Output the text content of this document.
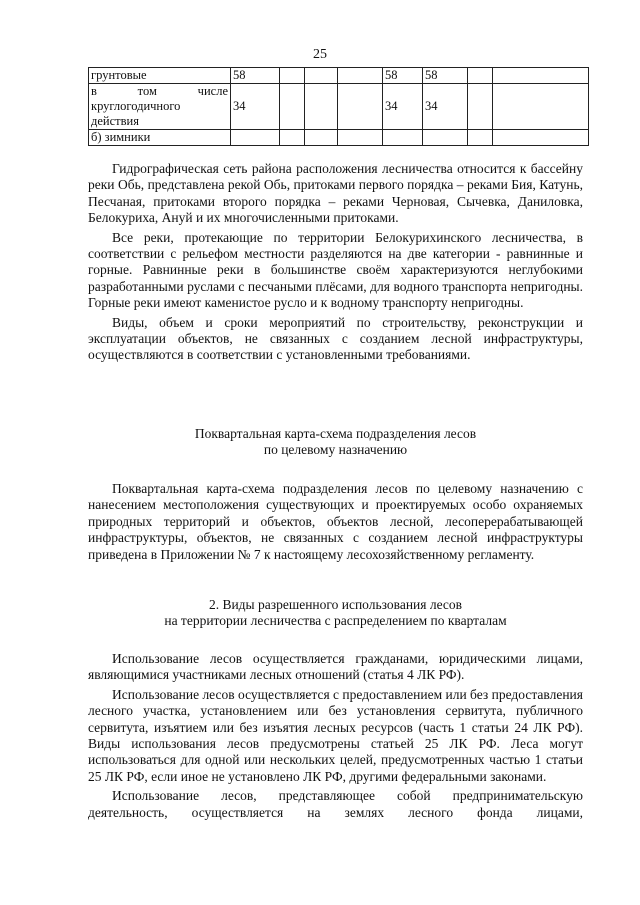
25
грунтовые	58				58	58		

в том числе
круглогодичного
действия	34				34	34		
б) зимники								

Гидрографическая сеть района расположения лесничества относится к бассейну реки Обь, представлена рекой Обь, притоками первого порядка – реками Бия, Катунь, Песчаная, притоками второго порядка – реками Черновая, Сычевка, Даниловка, Белокуриха, Ануй и их многочисленными притоками.

Все реки, протекающие по территории Белокурихинского лесничества, в соответствии с рельефом местности разделяются на две категории - равнинные и горные. Равнинные реки в большинстве своём характеризуются неглубокими разработанными руслами с песчаными плёсами, для водного транспорта непригодны. Горные реки имеют каменистое русло и к водному транспорту непригодны.

Виды, объем и сроки мероприятий по строительству, реконструкции и эксплуатации объектов, не связанных с созданием лесной инфраструктуры, осуществляются в соответствии с установленными требованиями.

Поквартальная карта-схема подразделения лесов
по целевому назначению

Поквартальная карта-схема подразделения лесов по целевому назначению с нанесением местоположения существующих и проектируемых особо охраняемых природных территорий и объектов, объектов лесной, лесоперерабатывающей инфраструктуры, объектов, не связанных с созданием лесной инфраструктуры приведена в Приложении № 7 к настоящему лесохозяйственному регламенту.

2. Виды разрешенного использования лесов
на территории лесничества с распределением по кварталам

Использование лесов осуществляется гражданами, юридическими лицами, являющимися участниками лесных отношений (статья 4 ЛК РФ).

Использование лесов осуществляется с предоставлением или без предоставления лесного участка, установлением или без установления сервитута, публичного сервитута, изъятием или без изъятия лесных ресурсов (часть 1 статьи 24 ЛК РФ). Виды использования лесов предусмотрены статьей 25 ЛК РФ. Леса могут использоваться для одной или нескольких целей, предусмотренных частью 1 статьи 25 ЛК РФ, если иное не установлено ЛК РФ, другими федеральными законами.

Использование лесов, представляющее собой предпринимательскую деятельность, осуществляется на землях лесного фонда лицами,
